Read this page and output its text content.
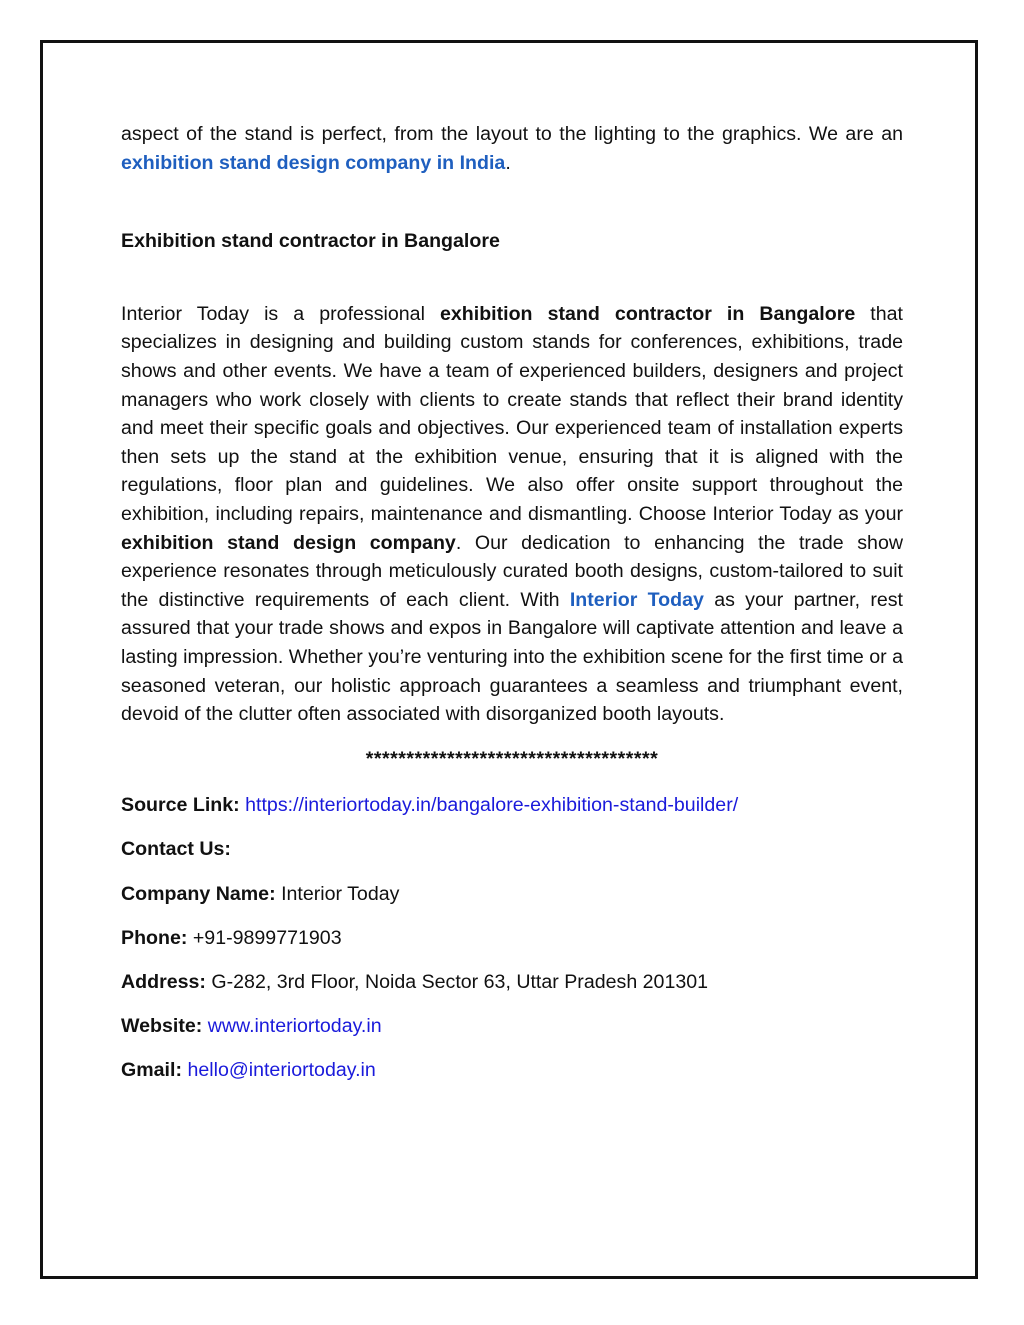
aspect of the stand is perfect, from the layout to the lighting to the graphics. We are an exhibition stand design company in India.

Exhibition stand contractor in Bangalore

Interior Today is a professional exhibition stand contractor in Bangalore that specializes in designing and building custom stands for conferences, exhibitions, trade shows and other events. We have a team of experienced builders, designers and project managers who work closely with clients to create stands that reflect their brand identity and meet their specific goals and objectives. Our experienced team of installation experts then sets up the stand at the exhibition venue, ensuring that it is aligned with the regulations, floor plan and guidelines. We also offer onsite support throughout the exhibition, including repairs, maintenance and dismantling. Choose Interior Today as your exhibition stand design company. Our dedication to enhancing the trade show experience resonates through meticulously curated booth designs, custom-tailored to suit the distinctive requirements of each client. With Interior Today as your partner, rest assured that your trade shows and expos in Bangalore will captivate attention and leave a lasting impression. Whether you’re venturing into the exhibition scene for the first time or a seasoned veteran, our holistic approach guarantees a seamless and triumphant event, devoid of the clutter often associated with disorganized booth layouts.

************************************

Source Link: https://interiortoday.in/bangalore-exhibition-stand-builder/

Contact Us:

Company Name: Interior Today

Phone: +91-9899771903

Address: G-282, 3rd Floor, Noida Sector 63, Uttar Pradesh 201301

Website: www.interiortoday.in

Gmail: hello@interiortoday.in
